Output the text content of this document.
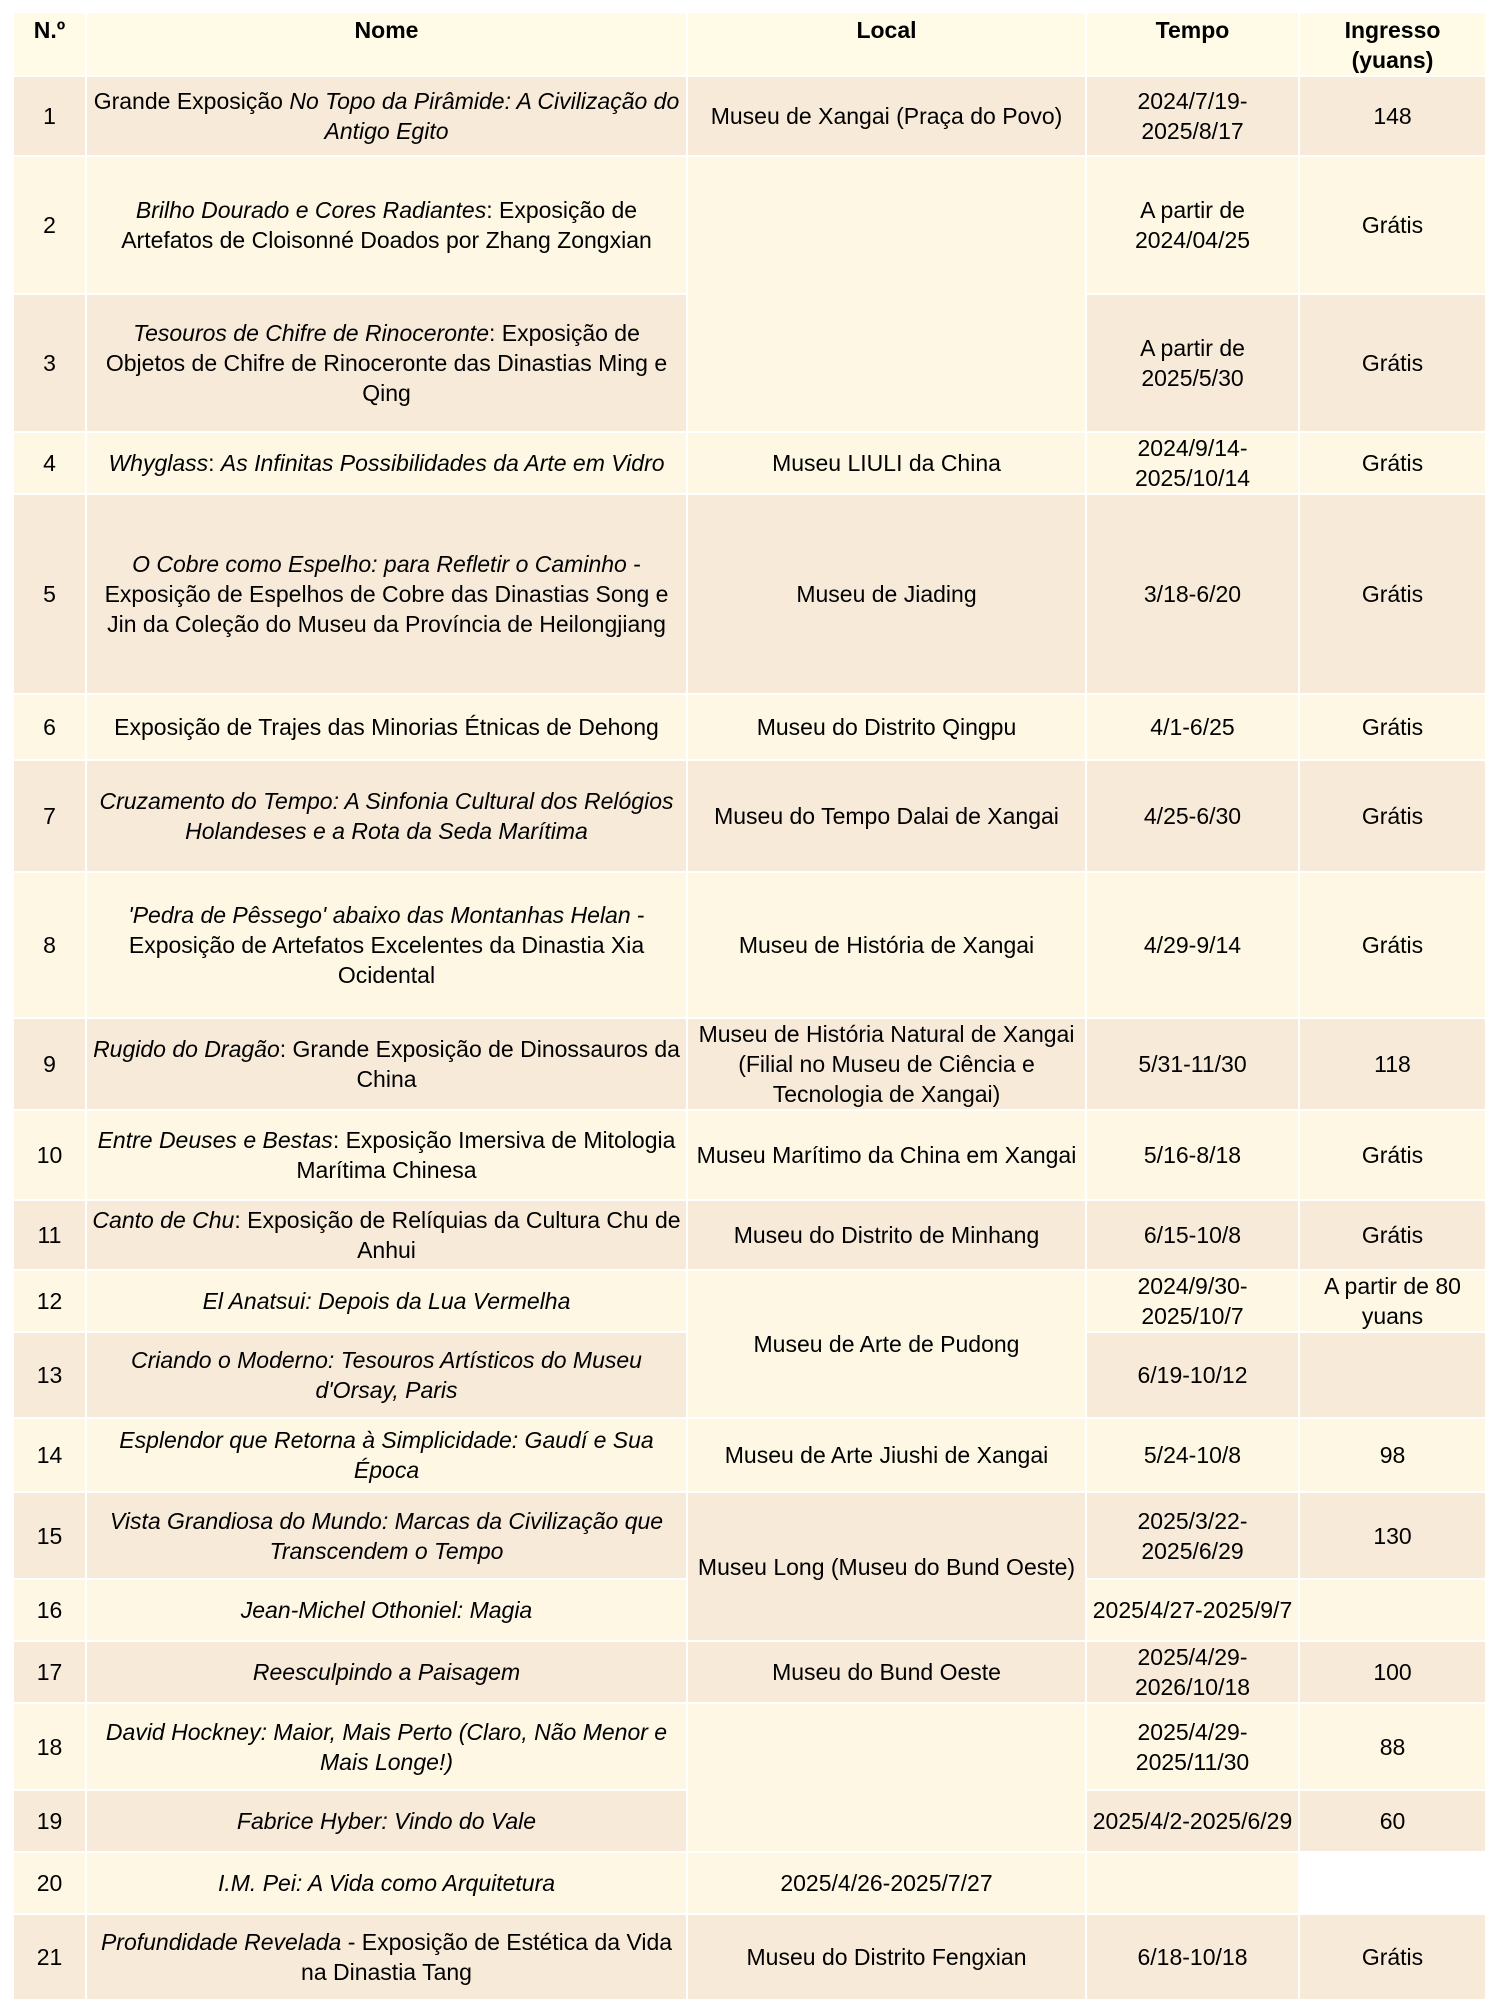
N.º	Nome	Local	Tempo	Ingresso (yuans)
1	Grande Exposição No Topo da Pirâmide: A Civilização do Antigo Egito	Museu de Xangai (Praça do Povo)	2024/7/19-2025/8/17	148
2	Brilho Dourado e Cores Radiantes: Exposição de Artefatos de Cloisonné Doados por Zhang Zongxian		A partir de 2024/04/25	Grátis
3	Tesouros de Chifre de Rinoceronte: Exposição de Objetos de Chifre de Rinoceronte das Dinastias Ming e Qing		A partir de 2025/5/30	Grátis
4	Whyglass: As Infinitas Possibilidades da Arte em Vidro	Museu LIULI da China	2024/9/14-2025/10/14	Grátis
5	O Cobre como Espelho: para Refletir o Caminho - Exposição de Espelhos de Cobre das Dinastias Song e Jin da Coleção do Museu da Província de Heilongjiang	Museu de Jiading	3/18-6/20	Grátis
6	Exposição de Trajes das Minorias Étnicas de Dehong	Museu do Distrito Qingpu	4/1-6/25	Grátis
7	Cruzamento do Tempo: A Sinfonia Cultural dos Relógios Holandeses e a Rota da Seda Marítima	Museu do Tempo Dalai de Xangai	4/25-6/30	Grátis
8	'Pedra de Pêssego' abaixo das Montanhas Helan - Exposição de Artefatos Excelentes da Dinastia Xia Ocidental	Museu de História de Xangai	4/29-9/14	Grátis
9	Rugido do Dragão: Grande Exposição de Dinossauros da China	Museu de História Natural de Xangai (Filial no Museu de Ciência e Tecnologia de Xangai)	5/31-11/30	118
10	Entre Deuses e Bestas: Exposição Imersiva de Mitologia Marítima Chinesa	Museu Marítimo da China em Xangai	5/16-8/18	Grátis
11	Canto de Chu: Exposição de Relíquias da Cultura Chu de Anhui	Museu do Distrito de Minhang	6/15-10/8	Grátis
12	El Anatsui: Depois da Lua Vermelha	Museu de Arte de Pudong	2024/9/30-2025/10/7	A partir de 80 yuans
13	Criando o Moderno: Tesouros Artísticos do Museu d'Orsay, Paris		6/19-10/12	
14	Esplendor que Retorna à Simplicidade: Gaudí e Sua Época	Museu de Arte Jiushi de Xangai	5/24-10/8	98
15	Vista Grandiosa do Mundo: Marcas da Civilização que Transcendem o Tempo	Museu Long (Museu do Bund Oeste)	2025/3/22-2025/6/29	130
16	Jean-Michel Othoniel: Magia		2025/4/27-2025/9/7	
17	Reesculpindo a Paisagem	Museu do Bund Oeste	2025/4/29-2026/10/18	100
18	David Hockney: Maior, Mais Perto (Claro, Não Menor e Mais Longe!)		2025/4/29-2025/11/30	88
19	Fabrice Hyber: Vindo do Vale		2025/4/2-2025/6/29	60
20	I.M. Pei: A Vida como Arquitetura	2025/4/26-2025/7/27		
21	Profundidade Revelada - Exposição de Estética da Vida na Dinastia Tang	Museu do Distrito Fengxian	6/18-10/18	Grátis
